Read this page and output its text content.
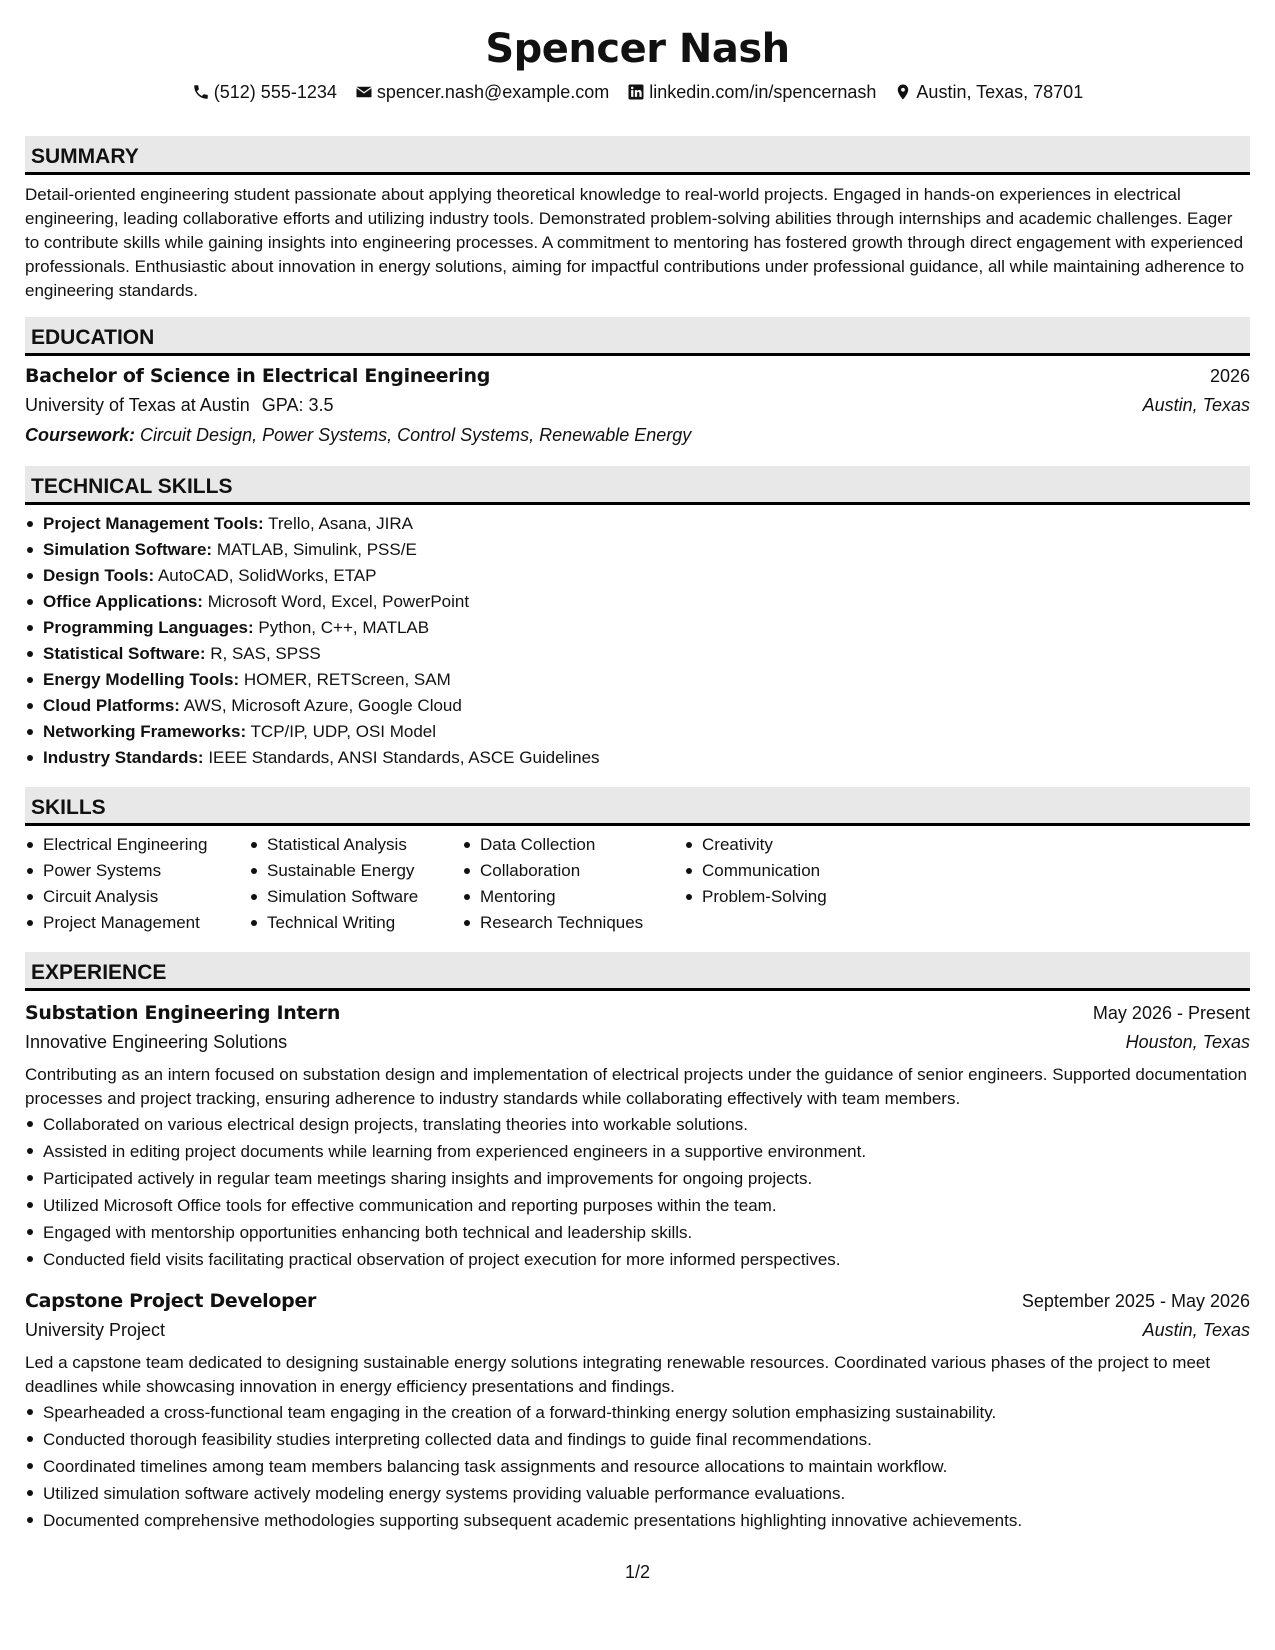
Spencer Nash
(512) 555-1234 spencer.nash@example.com linkedin.com/in/spencernash Austin, Texas, 78701
SUMMARY
Detail-oriented engineering student passionate about applying theoretical knowledge to real-world projects. Engaged in hands-on experiences in electrical engineering, leading collaborative efforts and utilizing industry tools. Demonstrated problem-solving abilities through internships and academic challenges. Eager to contribute skills while gaining insights into engineering processes. A commitment to mentoring has fostered growth through direct engagement with experienced professionals. Enthusiastic about innovation in energy solutions, aiming for impactful contributions under professional guidance, all while maintaining adherence to engineering standards.
EDUCATION
Bachelor of Science in Electrical Engineering	2026
University of Texas at Austin GPA: 3.5	Austin, Texas
Coursework: Circuit Design, Power Systems, Control Systems, Renewable Energy
TECHNICAL SKILLS
Project Management Tools: Trello, Asana, JIRA
Simulation Software: MATLAB, Simulink, PSS/E
Design Tools: AutoCAD, SolidWorks, ETAP
Office Applications: Microsoft Word, Excel, PowerPoint
Programming Languages: Python, C++, MATLAB
Statistical Software: R, SAS, SPSS
Energy Modelling Tools: HOMER, RETScreen, SAM
Cloud Platforms: AWS, Microsoft Azure, Google Cloud
Networking Frameworks: TCP/IP, UDP, OSI Model
Industry Standards: IEEE Standards, ANSI Standards, ASCE Guidelines
SKILLS
Electrical Engineering
Power Systems
Circuit Analysis
Project Management
Statistical Analysis
Sustainable Energy
Simulation Software
Technical Writing
Data Collection
Collaboration
Mentoring
Research Techniques
Creativity
Communication
Problem-Solving
EXPERIENCE
Substation Engineering Intern	May 2026 - Present
Innovative Engineering Solutions	Houston, Texas
Contributing as an intern focused on substation design and implementation of electrical projects under the guidance of senior engineers. Supported documentation processes and project tracking, ensuring adherence to industry standards while collaborating effectively with team members.
Collaborated on various electrical design projects, translating theories into workable solutions.
Assisted in editing project documents while learning from experienced engineers in a supportive environment.
Participated actively in regular team meetings sharing insights and improvements for ongoing projects.
Utilized Microsoft Office tools for effective communication and reporting purposes within the team.
Engaged with mentorship opportunities enhancing both technical and leadership skills.
Conducted field visits facilitating practical observation of project execution for more informed perspectives.
Capstone Project Developer	September 2025 - May 2026
University Project	Austin, Texas
Led a capstone team dedicated to designing sustainable energy solutions integrating renewable resources. Coordinated various phases of the project to meet deadlines while showcasing innovation in energy efficiency presentations and findings.
Spearheaded a cross-functional team engaging in the creation of a forward-thinking energy solution emphasizing sustainability.
Conducted thorough feasibility studies interpreting collected data and findings to guide final recommendations.
Coordinated timelines among team members balancing task assignments and resource allocations to maintain workflow.
Utilized simulation software actively modeling energy systems providing valuable performance evaluations.
Documented comprehensive methodologies supporting subsequent academic presentations highlighting innovative achievements.
1/2
